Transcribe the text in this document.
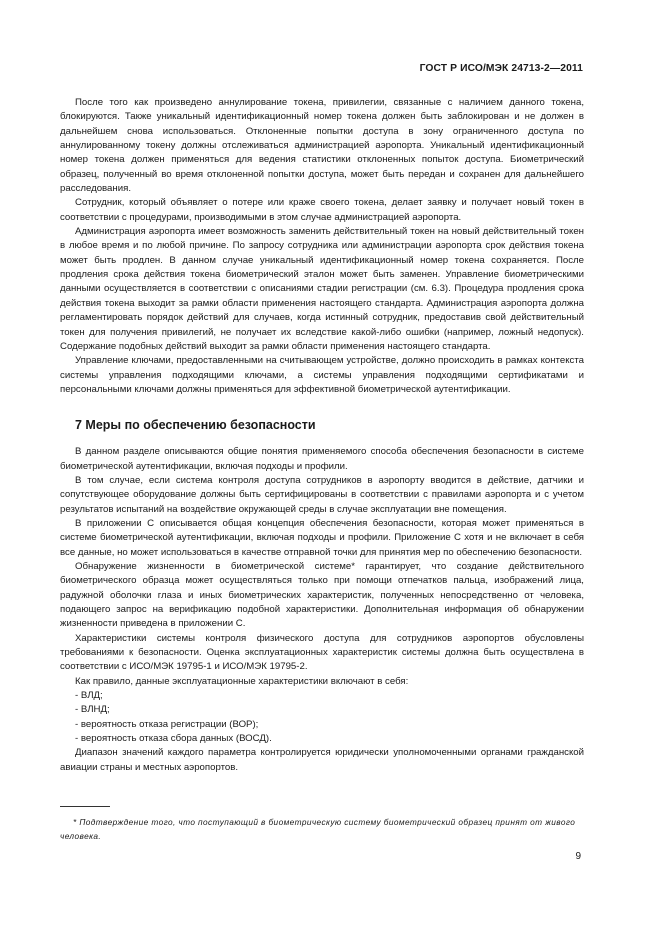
ГОСТ Р ИСО/МЭК 24713-2—2011

После того как произведено аннулирование токена, привилегии, связанные с наличием данного токена, блокируются. Также уникальный идентификационный номер токена должен быть заблокирован и не должен в дальнейшем снова использоваться. Отклоненные попытки доступа в зону ограниченного доступа по аннулированному токену должны отслеживаться администрацией аэропорта. Уникальный идентификационный номер токена должен применяться для ведения статистики отклоненных попыток доступа. Биометрический образец, полученный во время отклоненной попытки доступа, может быть передан и сохранен для дальнейшего расследования.

Сотрудник, который объявляет о потере или краже своего токена, делает заявку и получает новый токен в соответствии с процедурами, производимыми в этом случае администрацией аэропорта.

Администрация аэропорта имеет возможность заменить действительный токен на новый действительный токен в любое время и по любой причине. По запросу сотрудника или администрации аэропорта срок действия токена может быть продлен. В данном случае уникальный идентификационный номер токена сохраняется. После продления срока действия токена биометрический эталон может быть заменен. Управление биометрическими данными осуществляется в соответствии с описаниями стадии регистрации (см. 6.3). Процедура продления срока действия токена выходит за рамки области применения настоящего стандарта. Администрация аэропорта должна регламентировать порядок действий для случаев, когда истинный сотрудник, предоставив свой действительный токен для получения привилегий, не получает их вследствие какой-либо ошибки (например, ложный недопуск). Содержание подобных действий выходит за рамки области применения настоящего стандарта.

Управление ключами, предоставленными на считывающем устройстве, должно происходить в рамках контекста системы управления подходящими ключами, а системы управления подходящими сертификатами и персональными ключами должны применяться для эффективной биометрической аутентификации.

7 Меры по обеспечению безопасности

В данном разделе описываются общие понятия применяемого способа обеспечения безопасности в системе биометрической аутентификации, включая подходы и профили.

В том случае, если система контроля доступа сотрудников в аэропорту вводится в действие, датчики и сопутствующее оборудование должны быть сертифицированы в соответствии с правилами аэропорта и с учетом результатов испытаний на воздействие окружающей среды в случае эксплуатации вне помещения.

В приложении С описывается общая концепция обеспечения безопасности, которая может применяться в системе биометрической аутентификации, включая подходы и профили. Приложение С хотя и не включает в себя все данные, но может использоваться в качестве отправной точки для принятия мер по обеспечению безопасности.

Обнаружение жизненности в биометрической системе* гарантирует, что создание действительного биометрического образца может осуществляться только при помощи отпечатков пальца, изображений лица, радужной оболочки глаза и иных биометрических характеристик, полученных непосредственно от человека, подающего запрос на верификацию подобной характеристики. Дополнительная информация об обнаружении жизненности приведена в приложении С.

Характеристики системы контроля физического доступа для сотрудников аэропортов обусловлены требованиями к безопасности. Оценка эксплуатационных характеристик системы должна быть осуществлена в соответствии с ИСО/МЭК 19795-1 и ИСО/МЭК 19795-2.

Как правило, данные эксплуатационные характеристики включают в себя:

- ВЛД;

- ВЛНД;

- вероятность отказа регистрации (ВОР);

- вероятность отказа сбора данных (ВОСД).

Диапазон значений каждого параметра контролируется юридически уполномоченными органами гражданской авиации страны и местных аэропортов.

* Подтверждение того, что поступающий в биометрическую систему биометрический образец принят от живого человека.
9
